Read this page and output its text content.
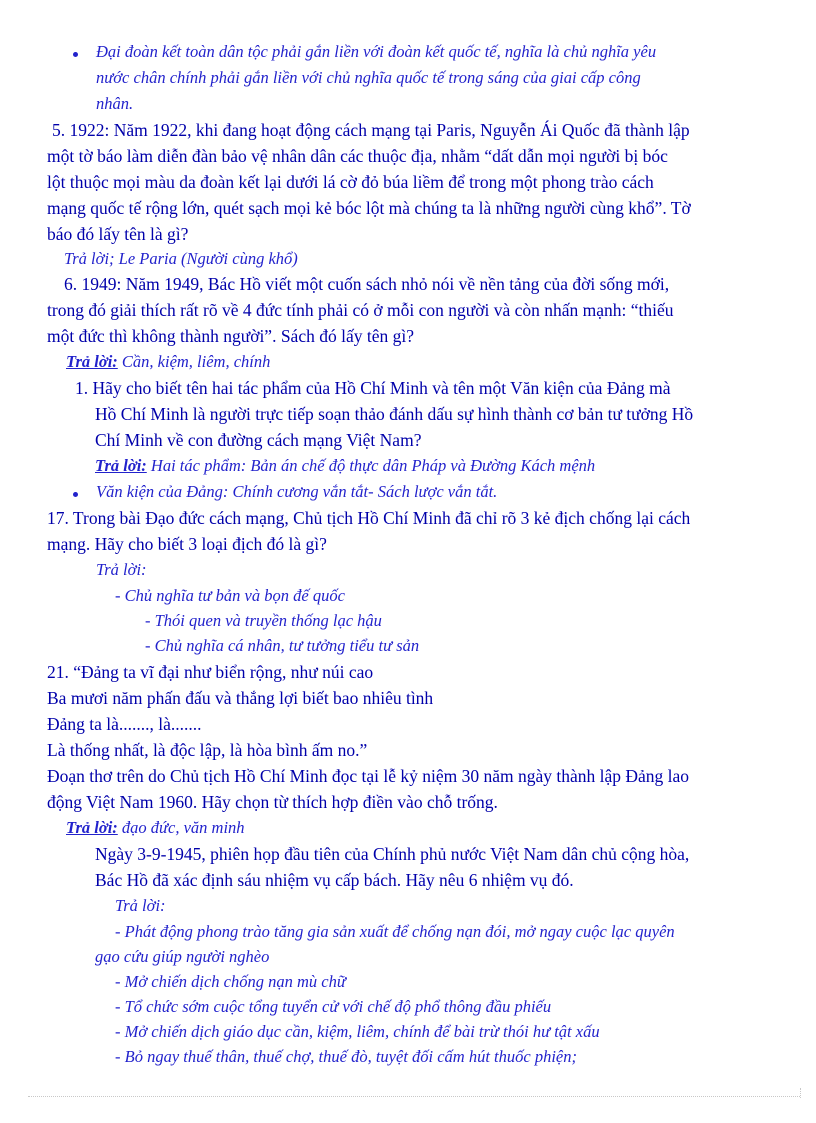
Đại đoàn kết toàn dân tộc phải gắn liền với đoàn kết quốc tế, nghĩa là chủ nghĩa yêu
nước chân chính phải gắn liền với chủ nghĩa quốc tế trong sáng của giai cấp công
nhân.
5. 1922: Năm 1922, khi đang hoạt động cách mạng tại Paris, Nguyễn Ái Quốc đã thành lập
một tờ báo làm diễn đàn bảo vệ nhân dân các thuộc địa, nhằm “dất dẫn mọi người bị bóc
lột thuộc mọi màu da đoàn kết lại dưới lá cờ đỏ búa liềm để trong một phong trào cách
mạng quốc tế rộng lớn, quét sạch mọi kẻ bóc lột mà chúng ta là những người cùng khổ”. Tờ
báo đó lấy tên là gì?
Trả lời; Le Paria (Người cùng khổ)
6. 1949: Năm 1949, Bác Hồ viết một cuốn sách nhỏ nói về nền tảng của đời sống mới,
trong đó giải thích rất rõ về 4 đức tính phải có ở mỗi con người và còn nhấn mạnh: “thiếu
một đức thì không thành người”. Sách đó lấy tên gì?
Trả lời: Cần, kiệm, liêm, chính
1. Hãy cho biết tên hai tác phẩm của Hồ Chí Minh và tên một Văn kiện của Đảng mà
Hồ Chí Minh là người trực tiếp soạn thảo đánh dấu sự hình thành cơ bản tư tưởng Hồ
Chí Minh về con đường cách mạng Việt Nam?
Trả lời: Hai tác phẩm: Bản án chế độ thực dân Pháp và Đường Kách mệnh
Văn kiện của Đảng: Chính cương vắn tắt- Sách lược vắn tắt.
17. Trong bài Đạo đức cách mạng, Chủ tịch Hồ Chí Minh đã chỉ rõ 3 kẻ địch chống lại cách
mạng. Hãy cho biết 3 loại địch đó là gì?
Trả lời:
- Chủ nghĩa tư bản và bọn đế quốc
- Thói quen và truyền thống lạc hậu
- Chủ nghĩa cá nhân, tư tưởng tiểu tư sản
21. “Đảng ta vĩ đại như biển rộng, như núi cao
Ba mươi năm phấn đấu và thắng lợi biết bao nhiêu tình
Đảng ta là......., là.......
Là thống nhất, là độc lập, là hòa bình ấm no.”
Đoạn thơ trên do Chủ tịch Hồ Chí Minh đọc tại lễ kỷ niệm 30 năm ngày thành lập Đảng lao
động Việt Nam 1960. Hãy chọn từ thích hợp điền vào chỗ trống.
Trả lời: đạo đức, văn minh
Ngày 3-9-1945, phiên họp đầu tiên của Chính phủ nước Việt Nam dân chủ cộng hòa,
Bác Hồ đã xác định sáu nhiệm vụ cấp bách. Hãy nêu 6 nhiệm vụ đó.
Trả lời:
- Phát động phong trào tăng gia sản xuất để chống nạn đói, mở ngay cuộc lạc quyên
gạo cứu giúp người nghèo
- Mở chiến dịch chống nạn mù chữ
- Tổ chức sớm cuộc tổng tuyển cử với chế độ phổ thông đầu phiếu
- Mở chiến dịch giáo dục cần, kiệm, liêm, chính để bài trừ thói hư tật xấu
- Bỏ ngay thuế thân, thuế chợ, thuế đò, tuyệt đối cấm hút thuốc phiện;
